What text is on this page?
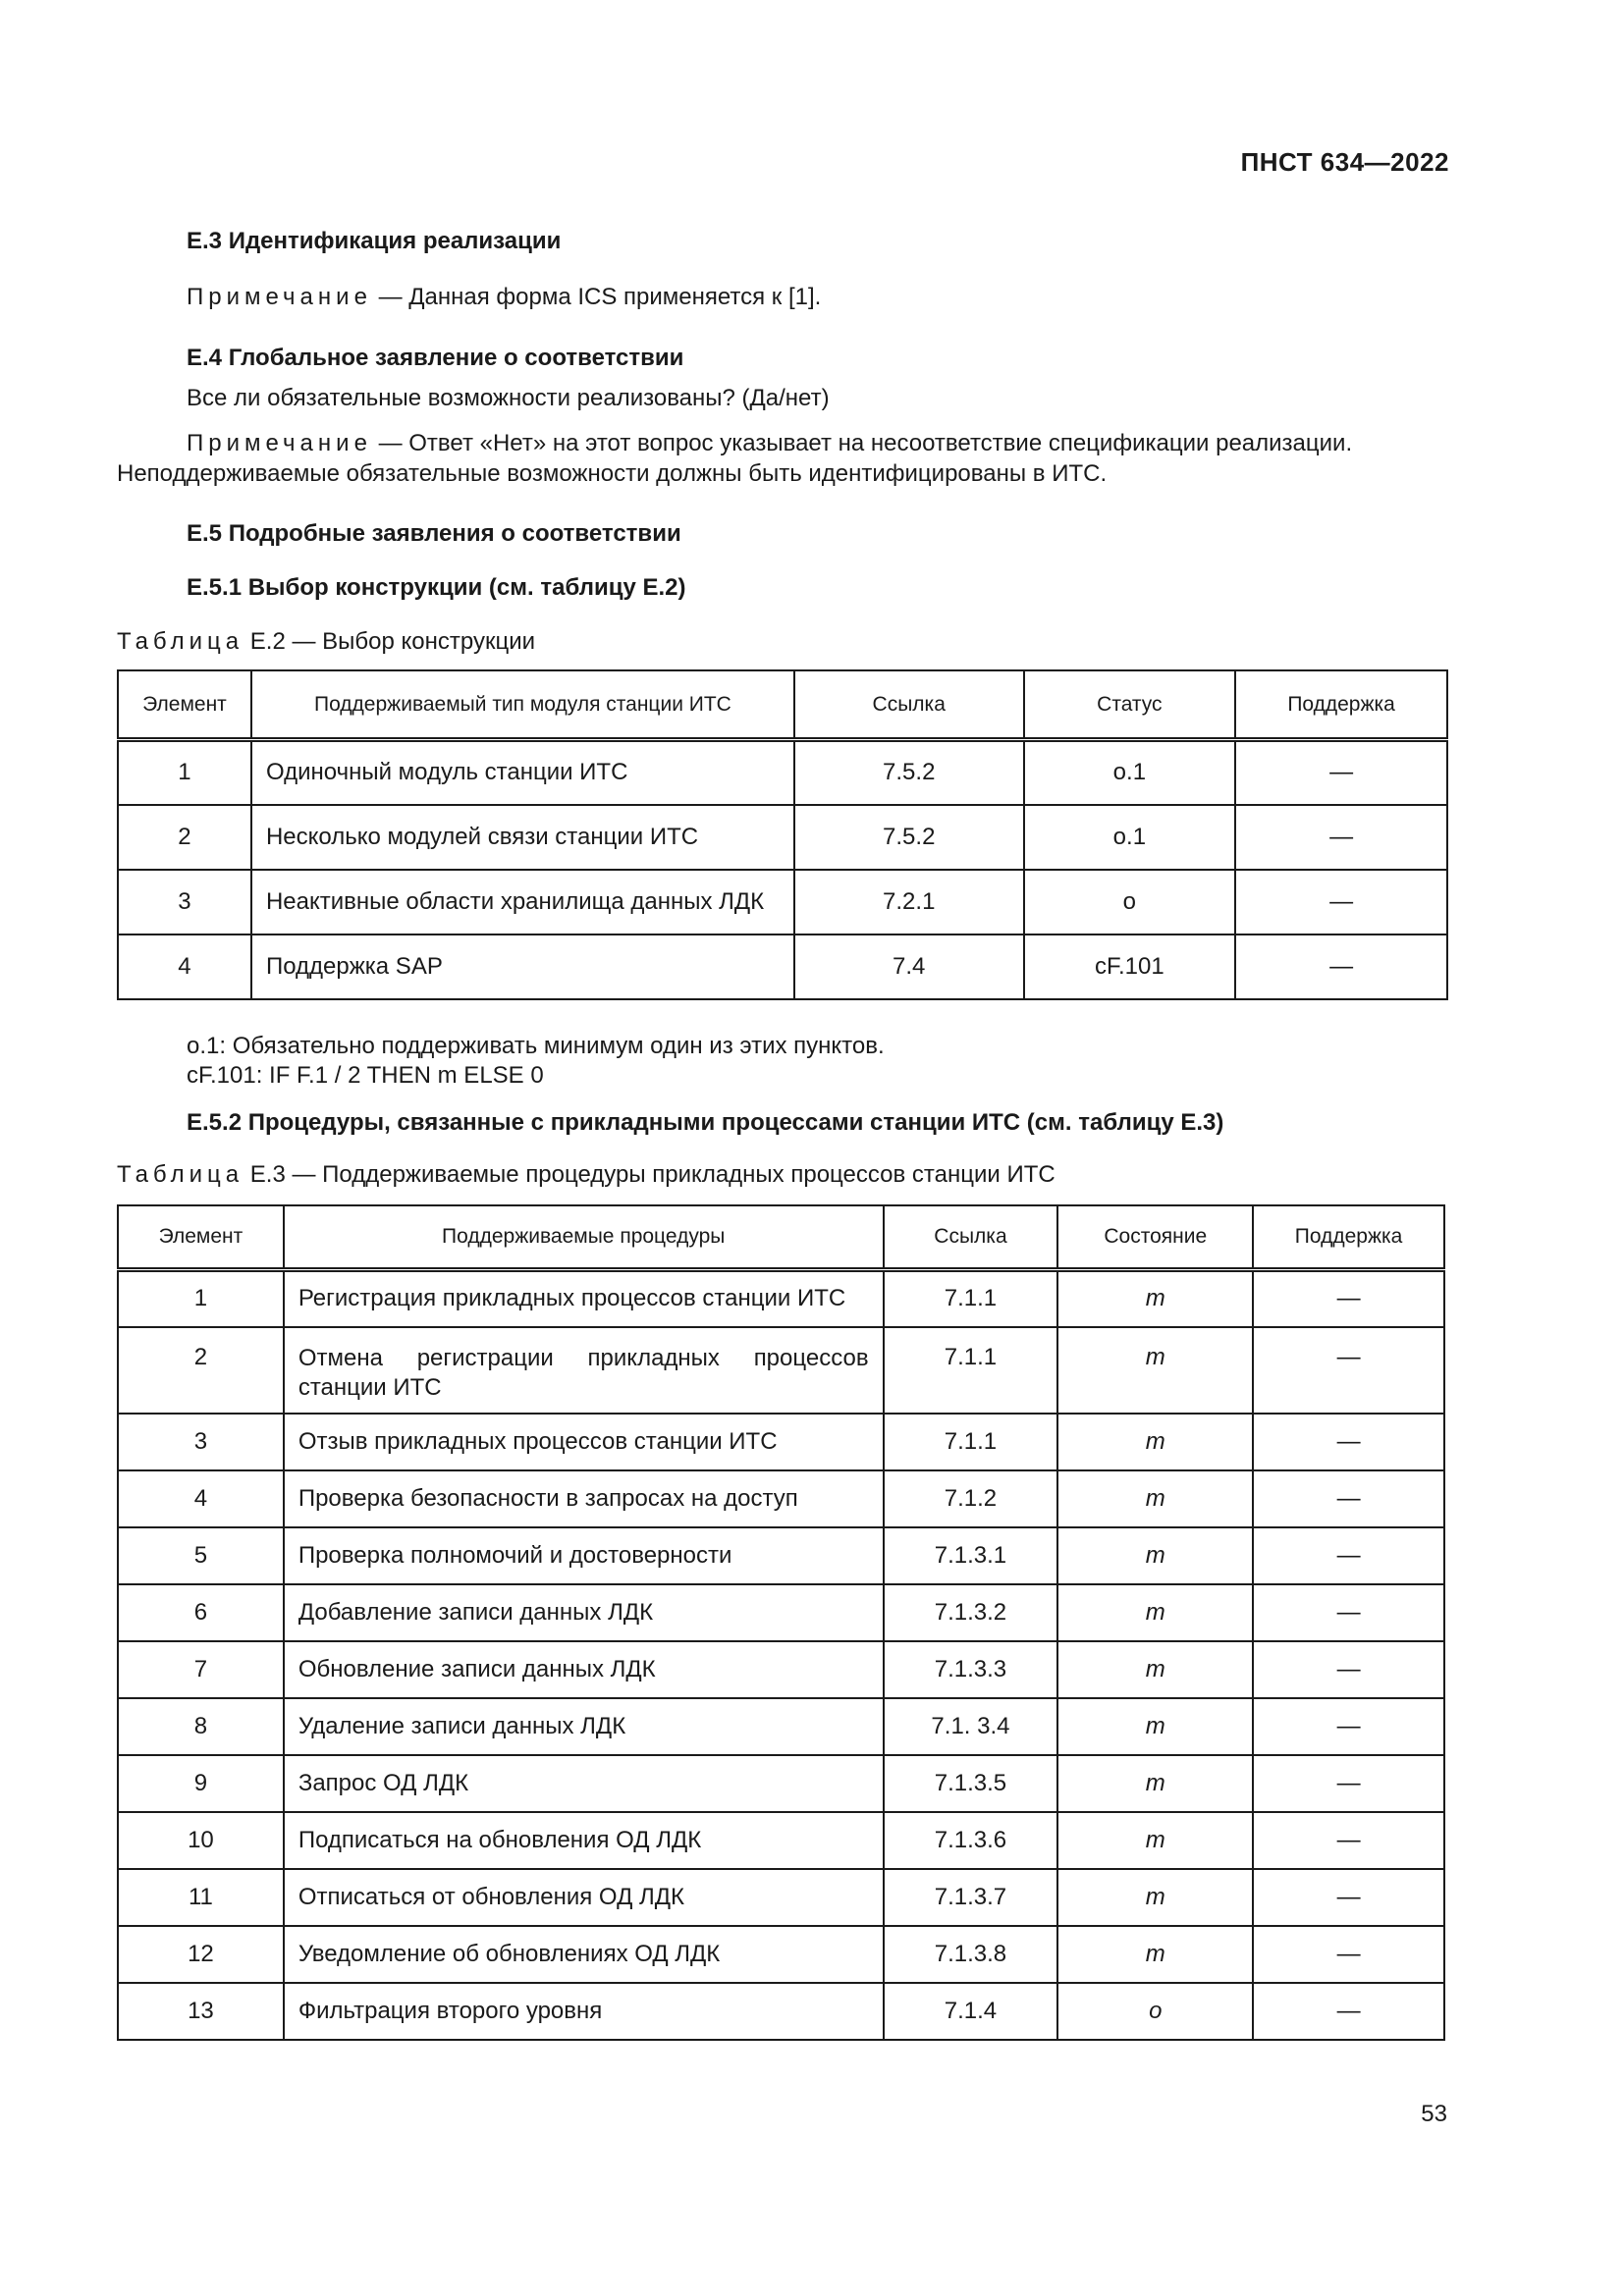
ПНСТ 634—2022
Е.3 Идентификация реализации
Примечание — Данная форма ICS применяется к [1].
Е.4 Глобальное заявление о соответствии
Все ли обязательные возможности реализованы? (Да/нет)
Примечание — Ответ «Нет» на этот вопрос указывает на несоответствие спецификации реализации.
Неподдерживаемые обязательные возможности должны быть идентифицированы в ИТС.
Е.5 Подробные заявления о соответствии
Е.5.1 Выбор конструкции (см. таблицу Е.2)
Таблица Е.2 — Выбор конструкции
Элемент	Поддерживаемый тип модуля станции ИТС	Ссылка	Статус	Поддержка
1	Одиночный модуль станции ИТС	7.5.2	о.1	—
2	Несколько модулей связи станции ИТС	7.5.2	о.1	—
3	Неактивные области хранилища данных ЛДК	7.2.1	о	—
4	Поддержка SAP	7.4	cF.101	—
о.1: Обязательно поддерживать минимум один из этих пунктов.
cF.101: IF F.1 / 2 THEN m ELSE 0
Е.5.2 Процедуры, связанные с прикладными процессами станции ИТС (см. таблицу Е.3)
Таблица Е.3 — Поддерживаемые процедуры прикладных процессов станции ИТС
Элемент	Поддерживаемые процедуры	Ссылка	Состояние	Поддержка
1	Регистрация прикладных процессов станции ИТС	7.1.1	m	—
2	Отмена регистрации прикладных процессов станции ИТС	7.1.1	m	—
3	Отзыв прикладных процессов станции ИТС	7.1.1	m	—
4	Проверка безопасности в запросах на доступ	7.1.2	m	—
5	Проверка полномочий и достоверности	7.1.3.1	m	—
6	Добавление записи данных ЛДК	7.1.3.2	m	—
7	Обновление записи данных ЛДК	7.1.3.3	m	—
8	Удаление записи данных ЛДК	7.1. 3.4	m	—
9	Запрос ОД ЛДК	7.1.3.5	m	—
10	Подписаться на обновления ОД ЛДК	7.1.3.6	m	—
11	Отписаться от обновления ОД ЛДК	7.1.3.7	m	—
12	Уведомление об обновлениях ОД ЛДК	7.1.3.8	m	—
13	Фильтрация второго уровня	7.1.4	o	—
53
